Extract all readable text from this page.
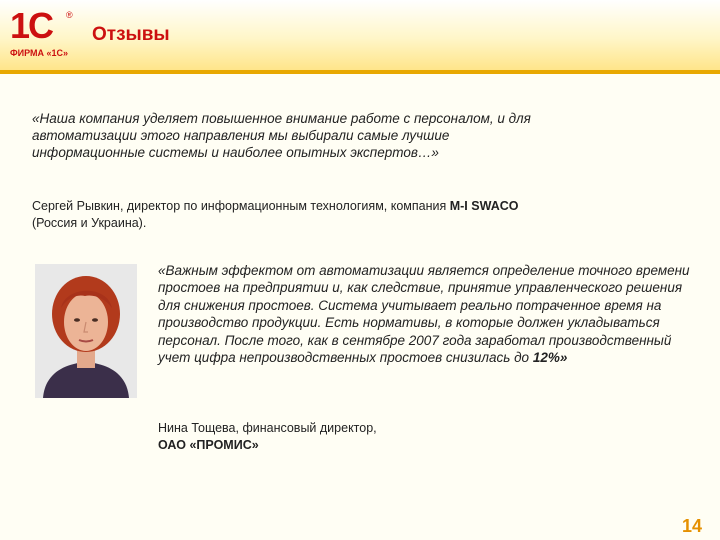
1С ®
ФИРМА «1С»
Отзывы
«Наша компания уделяет повышенное внимание работе с персоналом, и для автоматизации этого направления мы выбирали самые лучшие информационные системы и наиболее опытных экспертов…»
Сергей Рывкин, директор по информационным технологиям, компания M-I SWACO (Россия и Украина).
«Важным эффектом от автоматизации является определение точного времени простоев на предприятии и, как следствие, принятие управленческого решения для снижения простоев. Система учитывает реально потраченное время на производство продукции. Есть нормативы, в которые должен укладываться персонал. После того, как в сентябре 2007 года заработал производственный учет цифра непроизводственных простоев снизилась до 12%»
Нина Тощева, финансовый директор,
ОАО «ПРОМИС»
14
